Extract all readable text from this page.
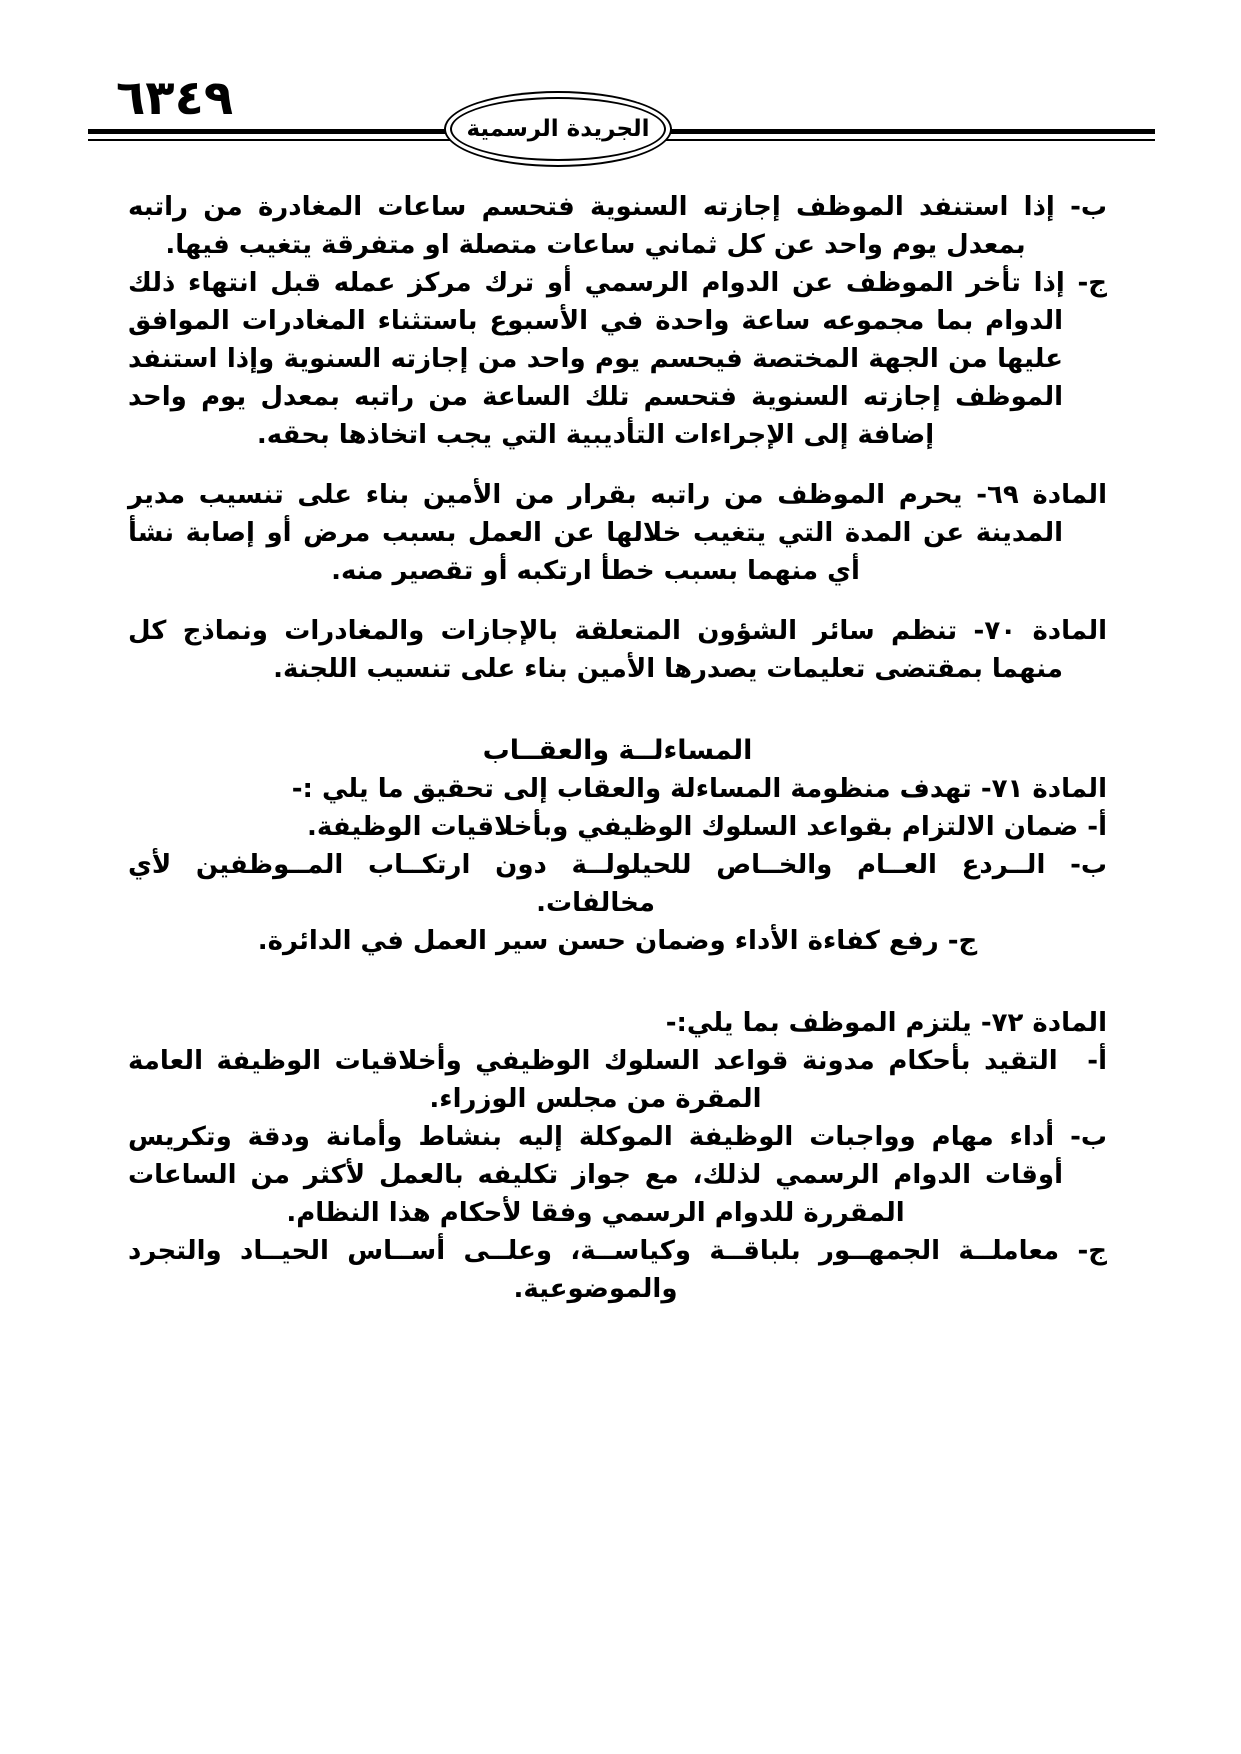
٦٣٤٩
الجريدة الرسمية

ب- إذا استنفد الموظف إجازته السنوية فتحسم ساعات المغادرة من راتبه بمعدل يوم واحد عن كل ثماني ساعات متصلة او متفرقة يتغيب فيها.

ج- إذا تأخر الموظف عن الدوام الرسمي أو ترك مركز عمله قبل انتهاء ذلك الدوام بما مجموعه ساعة واحدة في الأسبوع باستثناء المغادرات الموافق عليها من الجهة المختصة فيحسم يوم واحد من إجازته السنوية وإذا استنفد الموظف إجازته السنوية فتحسم تلك الساعة من راتبه بمعدل يوم واحد إضافة إلى الإجراءات التأديبية التي يجب اتخاذها بحقه.

المادة ٦٩- يحرم الموظف من راتبه بقرار من الأمين بناء على تنسيب مدير المدينة عن المدة التي يتغيب خلالها عن العمل بسبب مرض أو إصابة نشأ أي منهما بسبب خطأ ارتكبه أو تقصير منه.

المادة ٧٠- تنظم سائر الشؤون المتعلقة بالإجازات والمغادرات ونماذج كل منهما بمقتضى تعليمات يصدرها الأمين بناء على تنسيب اللجنة.

المساءلــة والعقــاب

المادة ٧١- تهدف منظومة المساءلة والعقاب إلى تحقيق ما يلي :-

أ- ضمان الالتزام بقواعد السلوك الوظيفي وبأخلاقيات الوظيفة.

ب- الــردع العــام والخــاص للحيلولــة دون ارتكــاب المــوظفين لأي مخالفات.

ج- رفع كفاءة الأداء وضمان حسن سير العمل في الدائرة.

المادة ٧٢- يلتزم الموظف بما يلي:-

أ- التقيد بأحكام مدونة قواعد السلوك الوظيفي وأخلاقيات الوظيفة العامة المقرة من مجلس الوزراء.

ب- أداء مهام وواجبات الوظيفة الموكلة إليه بنشاط وأمانة ودقة وتكريس أوقات الدوام الرسمي لذلك، مع جواز تكليفه بالعمل لأكثر من الساعات المقررة للدوام الرسمي وفقا لأحكام هذا النظام.

ج- معاملــة الجمهــور بلباقــة وكياســة، وعلــى أســاس الحيــاد والتجرد والموضوعية.
